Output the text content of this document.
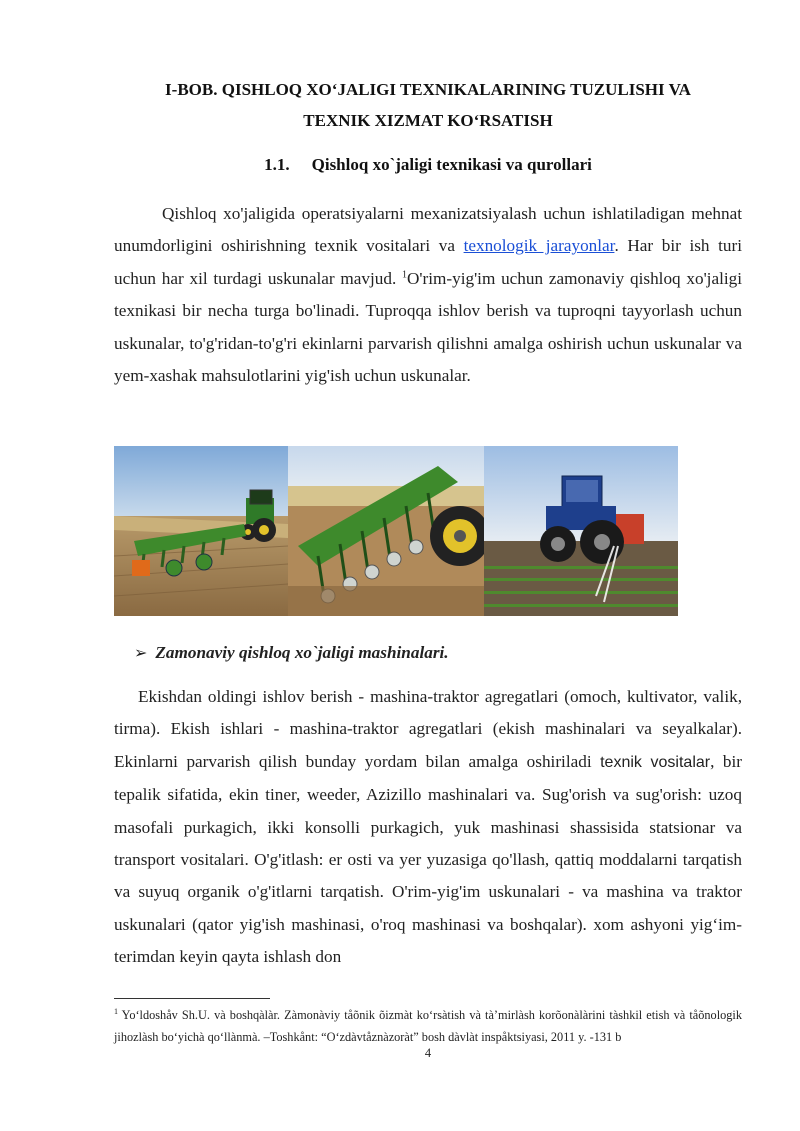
I-BOB. QISHLOQ XO‘JALIGI TEXNIKALARINING TUZULISHI VA
TEXNIK XIZMAT KO‘RSATISH
1.1. Qishloq xo`jaligi texnikasi va qurollari

Qishloq xo'jaligida operatsiyalarni mexanizatsiyalash uchun ishlatiladigan mehnat unumdorligini oshirishning texnik vositalari va texnologik jarayonlar. Har bir ish turi uchun har xil turdagi uskunalar mavjud. $^1$O'rim-yig'im uchun zamonaviy qishloq xo'jaligi texnikasi bir necha turga bo'linadi. Tuproqqa ishlov berish va tuproqni tayyorlash uchun uskunalar, to'g'ridan-to'g'ri ekinlarni parvarish qilishni amalga oshirish uchun uskunalar va yem-xashak mahsulotlarini yig'ish uchun uskunalar.

➢ Zamonaviy qishloq xo`jaligi mashinalari.

Ekishdan oldingi ishlov berish - mashina-traktor agregatlari (omoch, kultivator, valik, tirma). Ekish ishlari - mashina-traktor agregatlari (ekish mashinalari va seyalkalar). Ekinlarni parvarish qilish bunday yordam bilan amalga oshiriladi texnik vositalar, bir tepalik sifatida, ekin tiner, weeder, Azizillo mashinalari va. Sug'orish va sug'orish: uzoq masofali purkagich, ikki konsolli purkagich, yuk mashinasi shassisida statsionar va transport vositalari. O'g'itlash: er osti va yer yuzasiga qo'llash, qattiq moddalarni tarqatish va suyuq organik o'g'itlarni tarqatish. O'rim-yig'im uskunalari - va mashina va traktor uskunalari (qator yig'ish mashinasi, o'roq mashinasi va boshqalar). xom ashyoni yig‘im-terimdan keyin qayta ishlash don

$^1$ Yo‘ldoshåv Sh.U. và boshqàlàr. Zàmonàviy tåõnik õizmàt ko‘rsàtish và tà’mirlàsh korõonàlàrini tàshkil etish và tåõnologik jihozlàsh bo‘yichà qo‘llànmà. –Toshkånt: “O‘zdàvtåznàzoràt” bosh dàvlàt inspåktsiyasi, 2011 y. -131 b

4
